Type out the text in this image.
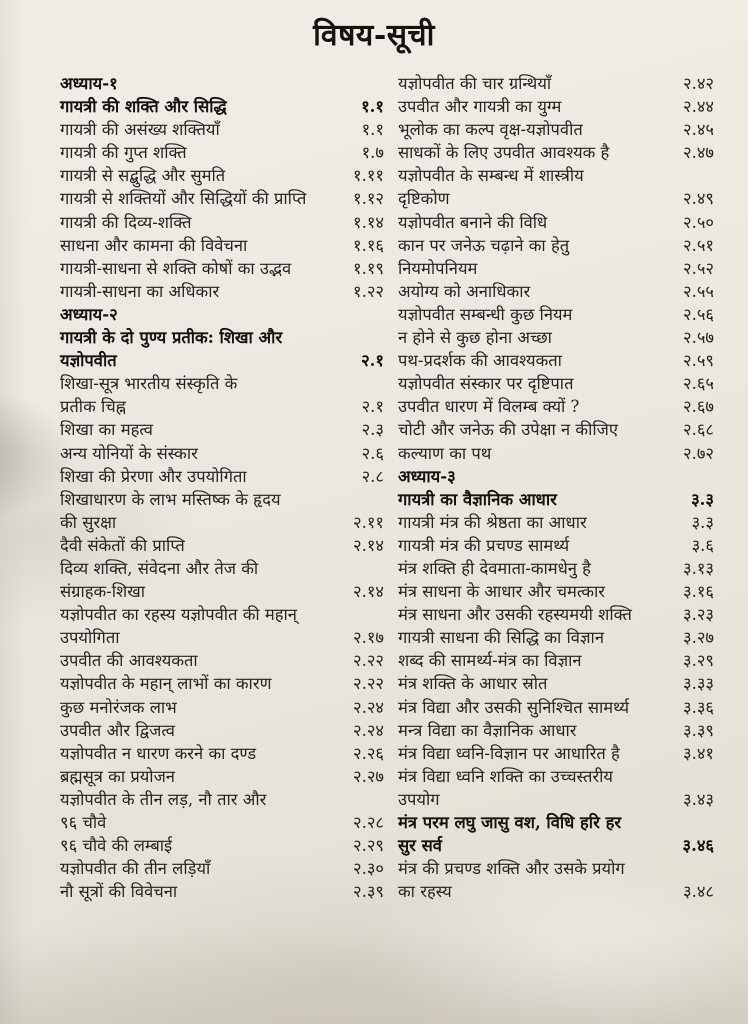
विषय-सूची
अध्याय-१
गायत्री की शक्ति और सिद्धि	१.१
गायत्री की असंख्य शक्तियाँ	१.१
गायत्री की गुप्त शक्ति	१.७
गायत्री से सद्बुद्धि और सुमति	१.११
गायत्री से शक्तियों और सिद्धियों की प्राप्ति	१.१२
गायत्री की दिव्य-शक्ति	१.१४
साधना और कामना की विवेचना	१.१६
गायत्री-साधना से शक्ति कोषों का उद्भव	१.१९
गायत्री-साधना का अधिकार	१.२२
अध्याय-२
गायत्री के दो पुण्य प्रतीक: शिखा और
यज्ञोपवीत	२.१
शिखा-सूत्र भारतीय संस्कृति के
प्रतीक चिह्न	२.१
शिखा का महत्व	२.३
अन्य योनियों के संस्कार	२.६
शिखा की प्रेरणा और उपयोगिता	२.८
शिखाधारण के लाभ मस्तिष्क के हृदय
की सुरक्षा	२.११
दैवी संकेतों की प्राप्ति	२.१४
दिव्य शक्ति, संवेदना और तेज की
संग्राहक-शिखा	२.१४
यज्ञोपवीत का रहस्य यज्ञोपवीत की महान्
उपयोगिता	२.१७
उपवीत की आवश्यकता	२.२२
यज्ञोपवीत के महान् लाभों का कारण	२.२२
कुछ मनोरंजक लाभ	२.२४
उपवीत और द्विजत्व	२.२४
यज्ञोपवीत न धारण करने का दण्ड	२.२६
ब्रह्मसूत्र का प्रयोजन	२.२७
यज्ञोपवीत के तीन लड़, नौ तार और
९६ चौवे	२.२८
९६ चौवे की लम्बाई	२.२९
यज्ञोपवीत की तीन लड़ियाँ	२.३०
नौ सूत्रों की विवेचना	२.३९
यज्ञोपवीत की चार ग्रन्थियाँ	२.४२
उपवीत और गायत्री का युग्म	२.४४
भूलोक का कल्प वृक्ष-यज्ञोपवीत	२.४५
साधकों के लिए उपवीत आवश्यक है	२.४७
यज्ञोपवीत के सम्बन्ध में शास्त्रीय
दृष्टिकोण	२.४९
यज्ञोपवीत बनाने की विधि	२.५०
कान पर जनेऊ चढ़ाने का हेतु	२.५१
नियमोपनियम	२.५२
अयोग्य को अनाधिकार	२.५५
यज्ञोपवीत सम्बन्धी कुछ नियम	२.५६
न होने से कुछ होना अच्छा	२.५७
पथ-प्रदर्शक की आवश्यकता	२.५९
यज्ञोपवीत संस्कार पर दृष्टिपात	२.६५
उपवीत धारण में विलम्ब क्यों ?	२.६७
चोटी और जनेऊ की उपेक्षा न कीजिए	२.६८
कल्याण का पथ	२.७२
अध्याय-३
गायत्री का वैज्ञानिक आधार	३.३
गायत्री मंत्र की श्रेष्ठता का आधार	३.३
गायत्री मंत्र की प्रचण्ड सामर्थ्य	३.६
मंत्र शक्ति ही देवमाता-कामधेनु है	३.१३
मंत्र साधना के आधार और चमत्कार	३.१६
मंत्र साधना और उसकी रहस्यमयी शक्ति	३.२३
गायत्री साधना की सिद्धि का विज्ञान	३.२७
शब्द की सामर्थ्य-मंत्र का विज्ञान	३.२९
मंत्र शक्ति के आधार स्रोत	३.३३
मंत्र विद्या और उसकी सुनिश्चित सामर्थ्य	३.३६
मन्त्र विद्या का वैज्ञानिक आधार	३.३९
मंत्र विद्या ध्वनि-विज्ञान पर आधारित है	३.४१
मंत्र विद्या ध्वनि शक्ति का उच्चस्तरीय
उपयोग	३.४३
मंत्र परम लघु जासु वश, विधि हरि हर
सुर सर्व	३.४६
मंत्र की प्रचण्ड शक्ति और उसके प्रयोग
का रहस्य	३.४८
